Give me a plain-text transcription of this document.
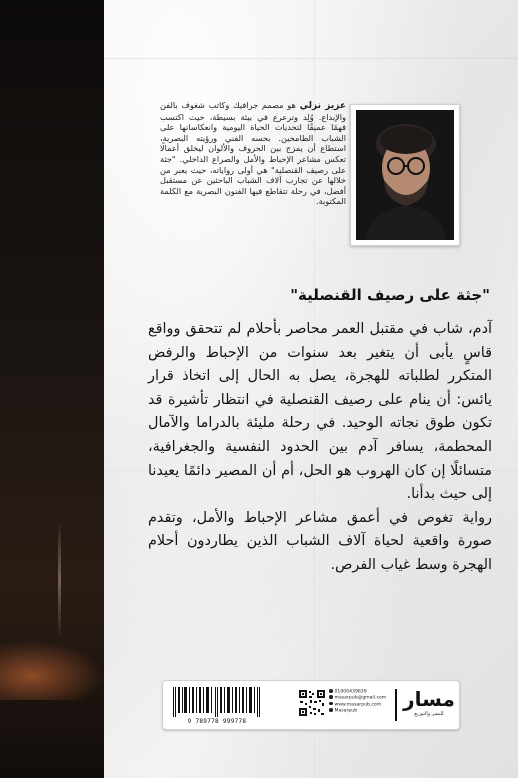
عزيز نزلي هو مصمم جرافيك وكاتب شغوف بالفن والإبداع. وُلِد وترعرع في بيئة بسيطة، حيث اكتسب فهمًا عميقًا لتحديات الحياة اليومية وانعكاساتها على الشباب الطامحين. بحسه الفني ورؤيته البصرية، استطاع أن يمزج بين الحروف والألوان ليخلق أعمالًا تعكس مشاعر الإحباط والأمل والصراع الداخلي. "جثة على رصيف القنصلية" هي أولى رواياته، حيث يعبر من خلالها عن تجارب آلاف الشباب الباحثين عن مستقبل أفضل، في رحلة تتقاطع فيها الفنون البصرية مع الكلمة المكتوبة.
"جثة على رصيف القنصلية"

آدم، شاب في مقتبل العمر محاصر بأحلام لم تتحقق وواقع قاسٍ يأبى أن يتغير بعد سنوات من الإحباط والرفض المتكرر لطلباته للهجرة، يصل به الحال إلى اتخاذ قرار يائس: أن ينام على رصيف القنصلية في انتظار تأشيرة قد تكون طوق نجاته الوحيد. في رحلة مليئة بالدراما والآمال المحطمة، يسافر آدم بين الحدود النفسية والجغرافية، متسائلًا إن كان الهروب هو الحل، أم أن المصير دائمًا يعيدنا إلى حيث بدأنا.

رواية تغوص في أعمق مشاعر الإحباط والأمل، وتقدم صورة واقعية لحياة آلاف الشباب الذين يطاردون أحلام الهجرة وسط غياب الفرص.

9 789778 999778
01000439639
masarpub@gmail.com
www.masarpub.com
Masarpub
مسار
للنشر والتوزيع
